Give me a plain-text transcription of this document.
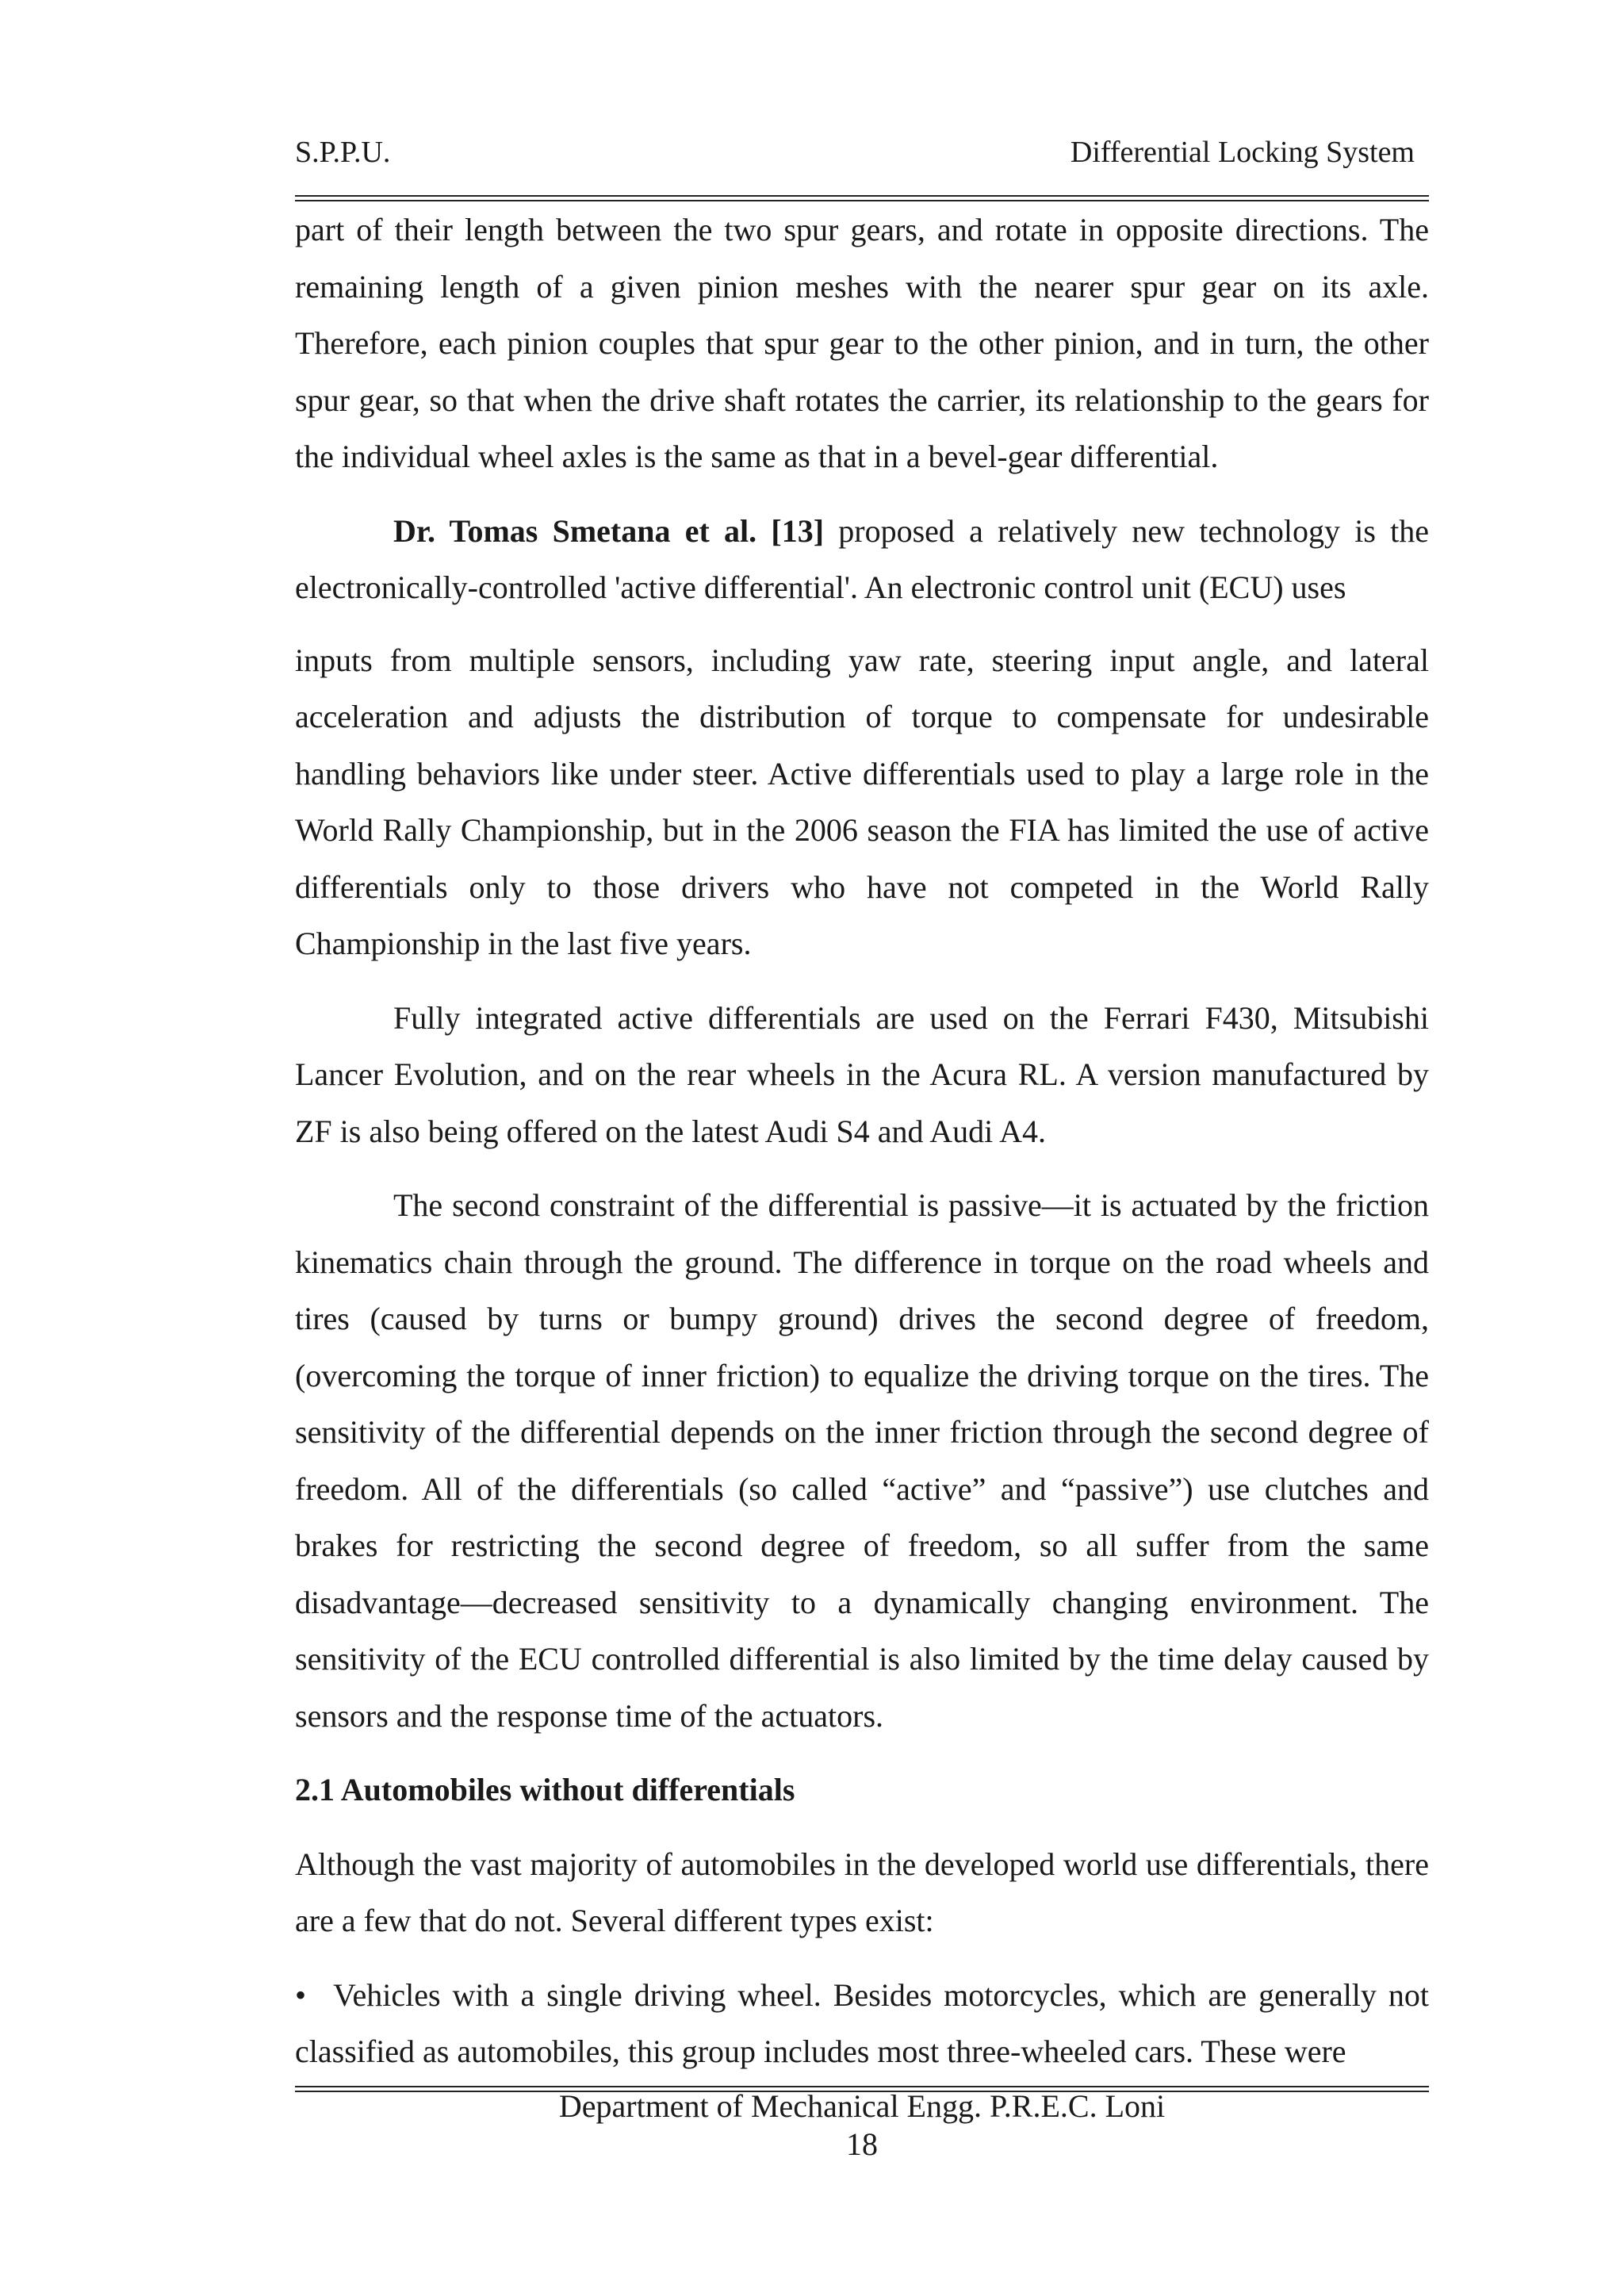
S.P.P.U.	Differential Locking System

part of their length between the two spur gears, and rotate in opposite directions. The remaining length of a given pinion meshes with the nearer spur gear on its axle. Therefore, each pinion couples that spur gear to the other pinion, and in turn, the other spur gear, so that when the drive shaft rotates the carrier, its relationship to the gears for the individual wheel axles is the same as that in a bevel-gear differential.

Dr. Tomas Smetana et al. [13] proposed a relatively new technology is the electronically-controlled 'active differential'. An electronic control unit (ECU) uses

inputs from multiple sensors, including yaw rate, steering input angle, and lateral acceleration and adjusts the distribution of torque to compensate for undesirable handling behaviors like under steer. Active differentials used to play a large role in the World Rally Championship, but in the 2006 season the FIA has limited the use of active differentials only to those drivers who have not competed in the World Rally Championship in the last five years.

Fully integrated active differentials are used on the Ferrari F430, Mitsubishi Lancer Evolution, and on the rear wheels in the Acura RL. A version manufactured by ZF is also being offered on the latest Audi S4 and Audi A4.

The second constraint of the differential is passive—it is actuated by the friction kinematics chain through the ground. The difference in torque on the road wheels and tires (caused by turns or bumpy ground) drives the second degree of freedom, (overcoming the torque of inner friction) to equalize the driving torque on the tires. The sensitivity of the differential depends on the inner friction through the second degree of freedom. All of the differentials (so called “active” and “passive”) use clutches and brakes for restricting the second degree of freedom, so all suffer from the same disadvantage—decreased sensitivity to a dynamically changing environment. The sensitivity of the ECU controlled differential is also limited by the time delay caused by sensors and the response time of the actuators.

2.1 Automobiles without differentials

Although the vast majority of automobiles in the developed world use differentials, there are a few that do not. Several different types exist:

• Vehicles with a single driving wheel. Besides motorcycles, which are generally not classified as automobiles, this group includes most three-wheeled cars. These were
Department of Mechanical Engg. P.R.E.C. Loni
18
